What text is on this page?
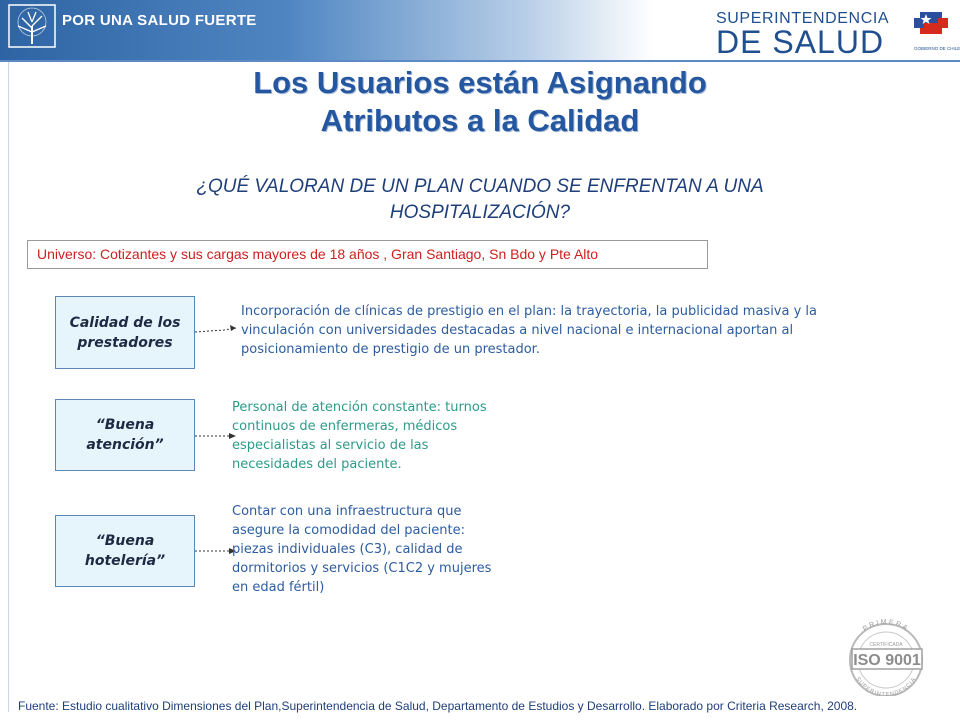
POR UNA SALUD FUERTE	SUPERINTENDENCIA
DE SALUD	GOBIERNO DE CHILE
Los Usuarios están Asignando
Atributos a la Calidad
¿QUÉ VALORAN DE UN PLAN CUANDO SE ENFRENTAN A UNA
HOSPITALIZACIÓN?
Universo: Cotizantes y sus cargas mayores de 18 años , Gran Santiago, Sn Bdo y Pte Alto
Calidad de los
prestadores
Incorporación de clínicas de prestigio en el plan: la trayectoria, la publicidad masiva y la
vinculación con universidades destacadas a nivel nacional e internacional aportan al
posicionamiento de prestigio de un prestador.
“Buena
atención”
Personal de atención constante: turnos
continuos de enfermeras, médicos
especialistas al servicio de las
necesidades del paciente.
“Buena
hotelería”
Contar con una infraestructura que
asegure la comodidad del paciente:
piezas individuales (C3), calidad de
dormitorios y servicios (C1C2 y mujeres
en edad fértil)
PRIMERA
CERTIFICADA
ISO 9001
SUPERINTENDENCIA
Fuente: Estudio cualitativo Dimensiones del Plan,Superintendencia de Salud, Departamento de Estudios y Desarrollo. Elaborado por Criteria Research, 2008.
